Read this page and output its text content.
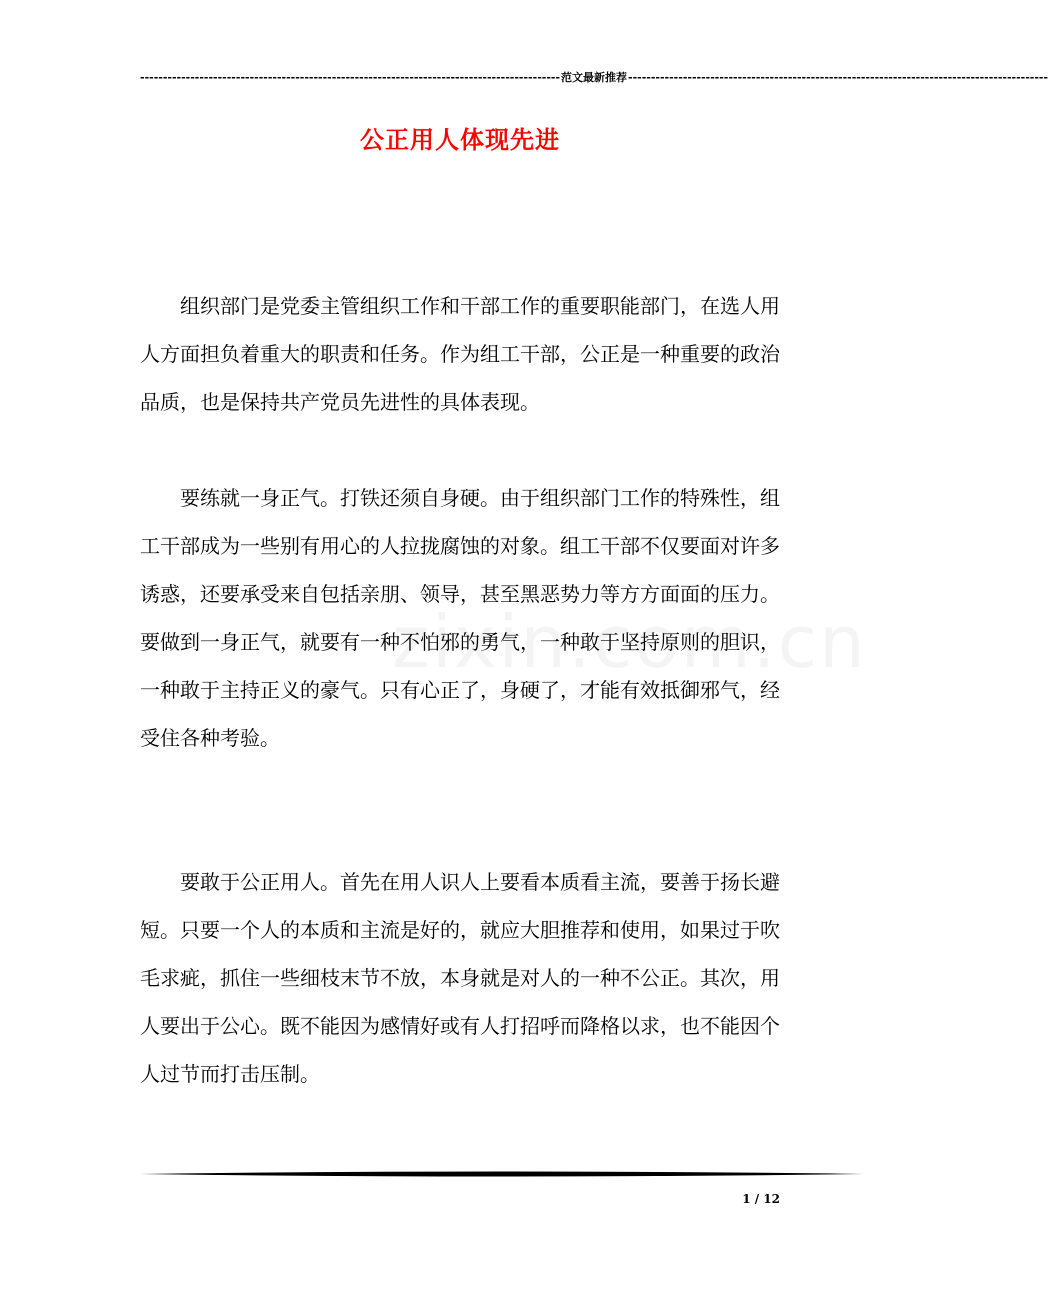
-------------------------------------------------------------------------------------------- 范文最新推荐 --------------------------------------------------------------------------------------------
公正用人体现先进

组织部门是党委主管组织工作和干部工作的重要职能部门，在选人用人方面担负着重大的职责和任务。作为组工干部，公正是一种重要的政治品质，也是保持共产党员先进性的具体表现。

要练就一身正气。打铁还须自身硬。由于组织部门工作的特殊性，组工干部成为一些别有用心的人拉拢腐蚀的对象。组工干部不仅要面对许多诱惑，还要承受来自包括亲朋、领导，甚至黑恶势力等方方面面的压力。要做到一身正气，就要有一种不怕邪的勇气，一种敢于坚持原则的胆识，一种敢于主持正义的豪气。只有心正了，身硬了，才能有效抵御邪气，经受住各种考验。

要敢于公正用人。首先在用人识人上要看本质看主流，要善于扬长避短。只要一个人的本质和主流是好的，就应大胆推荐和使用，如果过于吹毛求疵，抓住一些细枝末节不放，本身就是对人的一种不公正。其次，用人要出于公心。既不能因为感情好或有人打招呼而降格以求，也不能因个人过节而打击压制。

1 / 12
